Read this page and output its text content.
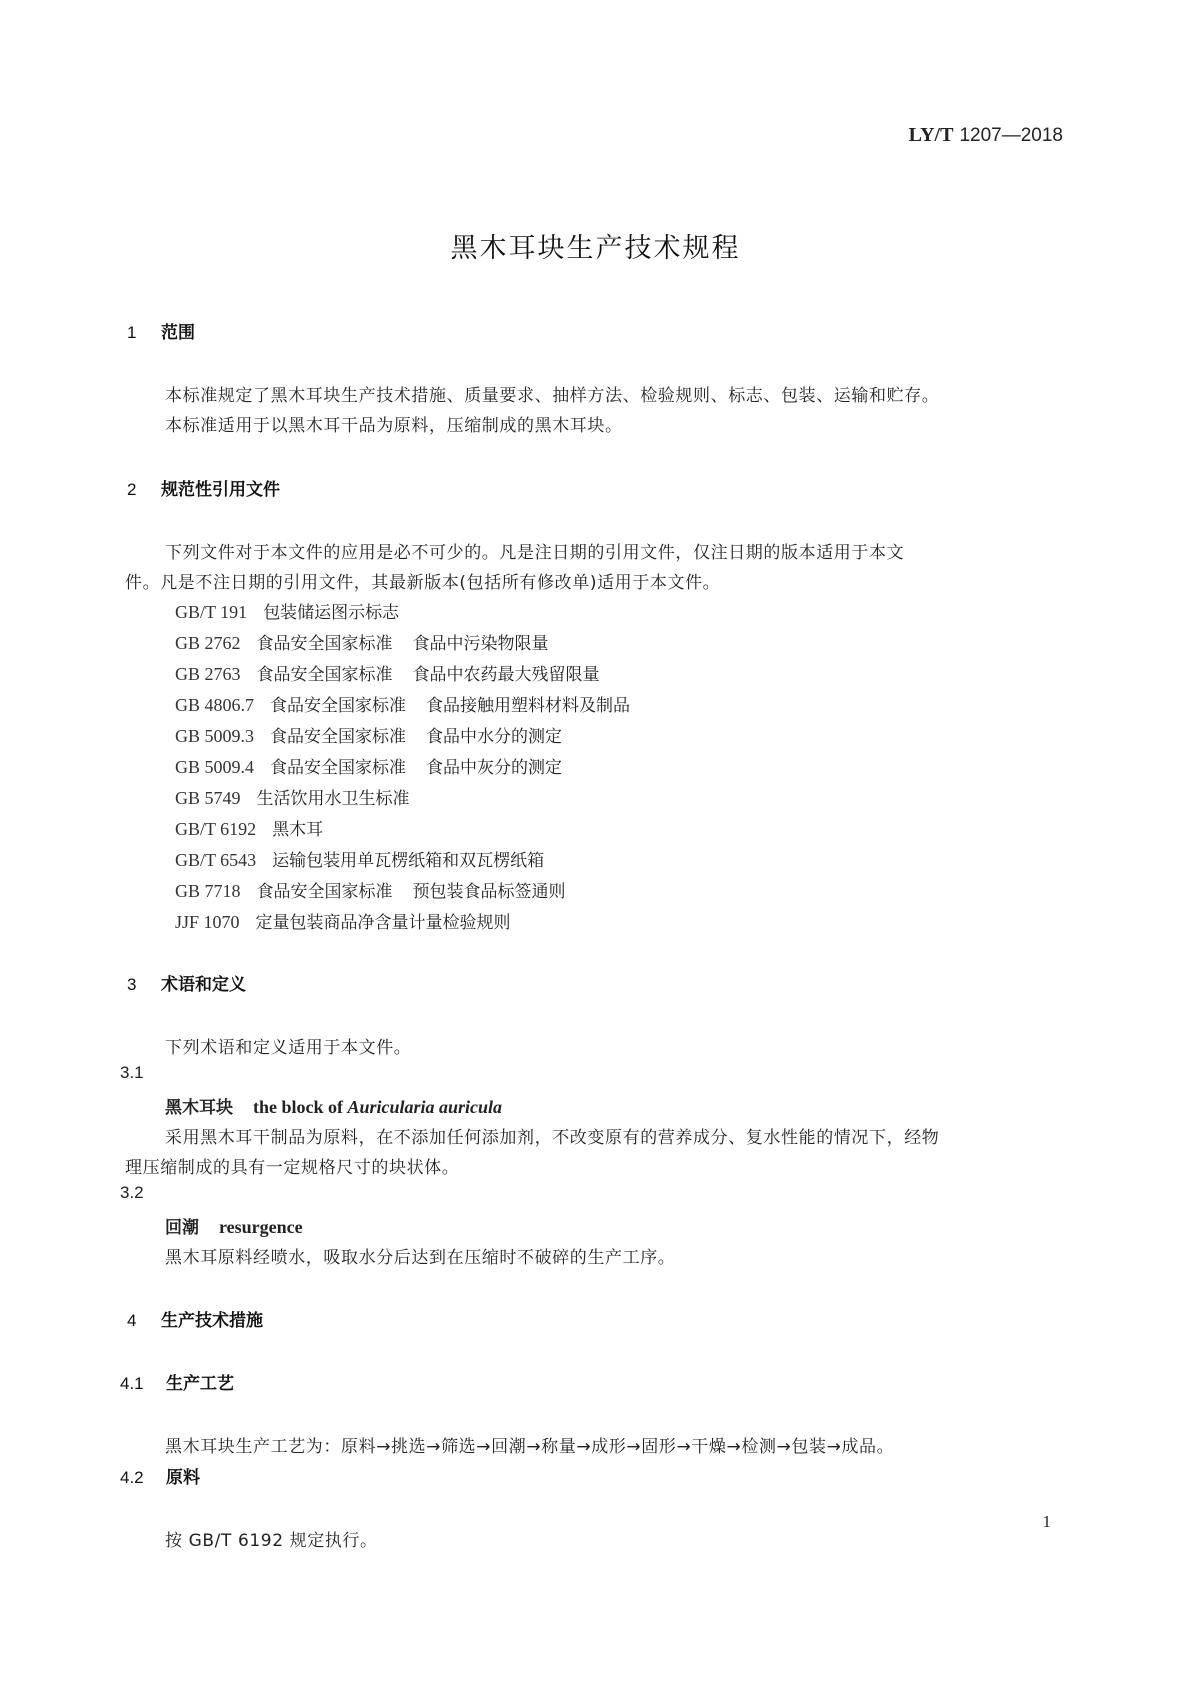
LY/T 1207—2018
黑木耳块生产技术规程
1 范围
本标准规定了黑木耳块生产技术措施、质量要求、抽样方法、检验规则、标志、包装、运输和贮存。
本标准适用于以黑木耳干品为原料，压缩制成的黑木耳块。
2 规范性引用文件
下列文件对于本文件的应用是必不可少的。凡是注日期的引用文件，仅注日期的版本适用于本文
件。凡是不注日期的引用文件，其最新版本(包括所有修改单)适用于本文件。
GB/T 191 包装储运图示标志
GB 2762 食品安全国家标准 食品中污染物限量
GB 2763 食品安全国家标准 食品中农药最大残留限量
GB 4806.7 食品安全国家标准 食品接触用塑料材料及制品
GB 5009.3 食品安全国家标准 食品中水分的测定
GB 5009.4 食品安全国家标准 食品中灰分的测定
GB 5749 生活饮用水卫生标准
GB/T 6192 黑木耳
GB/T 6543 运输包装用单瓦楞纸箱和双瓦楞纸箱
GB 7718 食品安全国家标准 预包装食品标签通则
JJF 1070 定量包装商品净含量计量检验规则
3 术语和定义
下列术语和定义适用于本文件。
3.1
黑木耳块 the block of Auricularia auricula
采用黑木耳干制品为原料，在不添加任何添加剂，不改变原有的营养成分、复水性能的情况下，经物
理压缩制成的具有一定规格尺寸的块状体。
3.2
回潮 resurgence
黑木耳原料经喷水，吸取水分后达到在压缩时不破碎的生产工序。
4 生产技术措施
4.1 生产工艺
黑木耳块生产工艺为：原料→挑选→筛选→回潮→称量→成形→固形→干燥→检测→包装→成品。
4.2 原料
按 GB/T 6192 规定执行。
1
